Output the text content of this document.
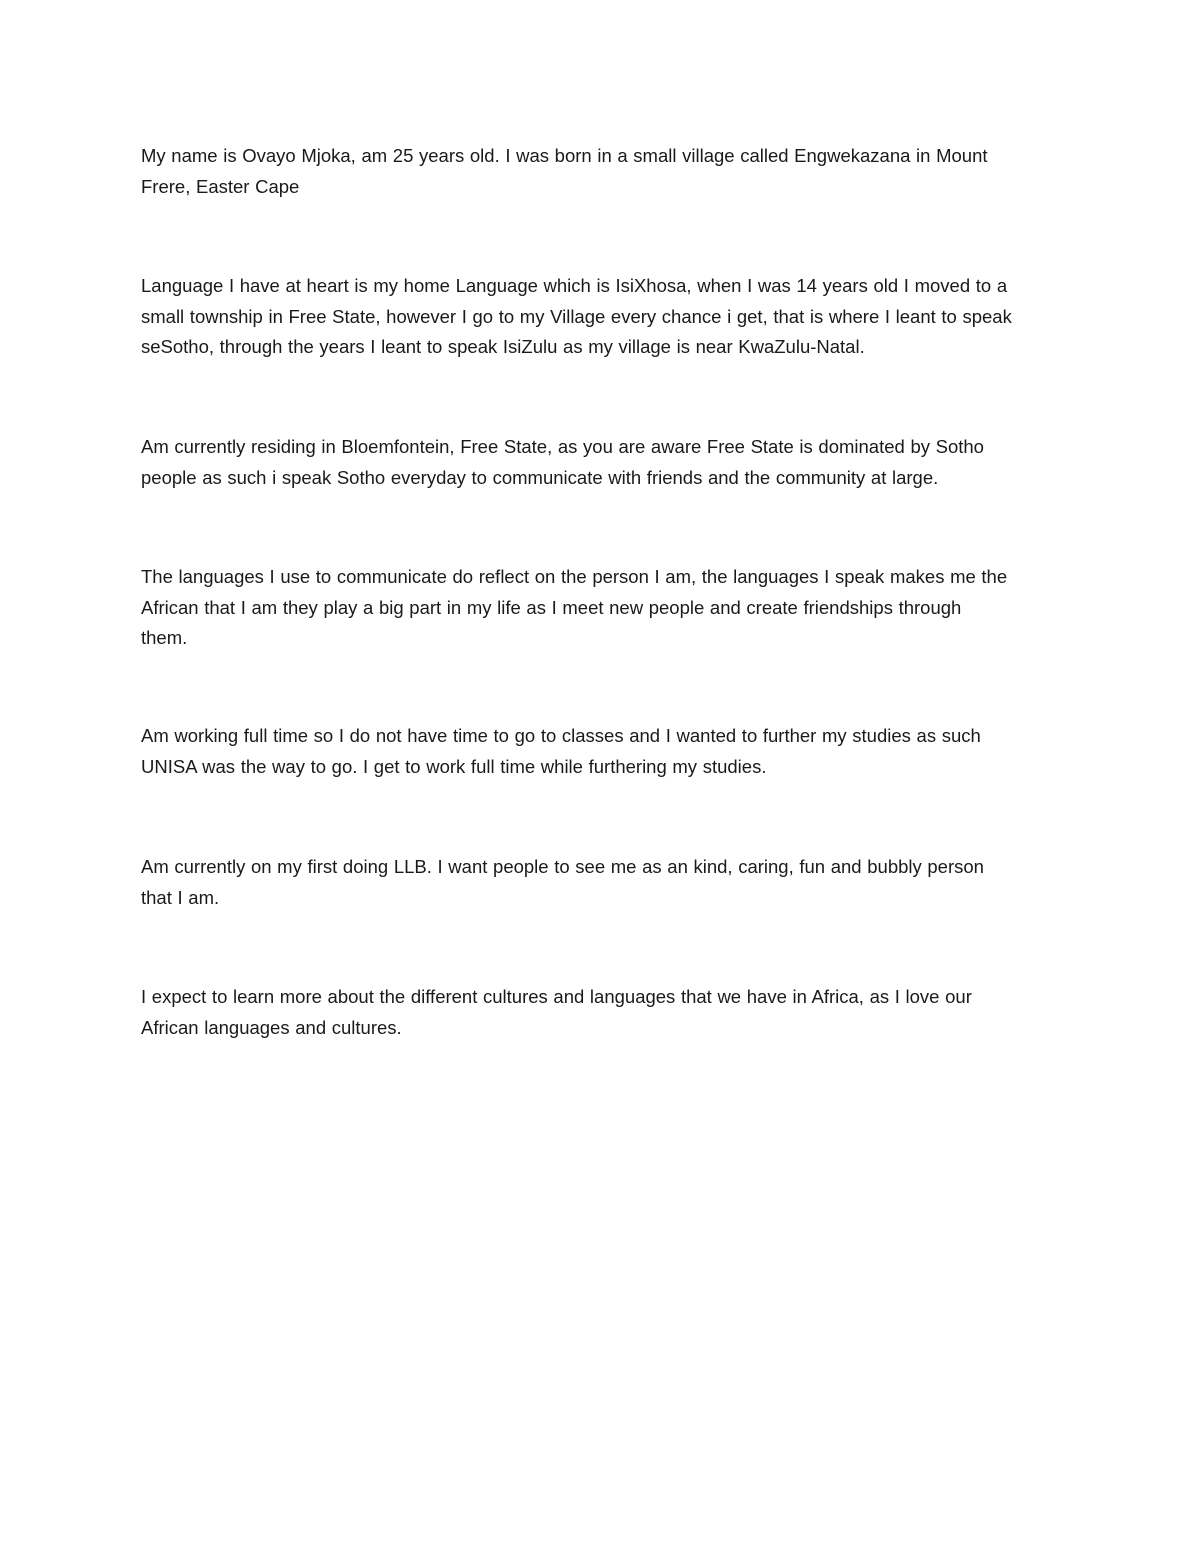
My name is Ovayo Mjoka, am 25 years old. I was born in a small village called Engwekazana in Mount
Frere, Easter Cape

Language I have at heart is my home Language which is IsiXhosa, when I was 14 years old I moved to a
small township in Free State, however I go to my Village every chance i get, that is where I leant to speak
seSotho, through the years I leant to speak IsiZulu as my village is near KwaZulu-Natal.

Am currently residing in Bloemfontein, Free State, as you are aware Free State is dominated by Sotho
people as such i speak Sotho everyday to communicate with friends and the community at large.

The languages I use to communicate do reflect on the person I am, the languages I speak makes me the
African that I am they play a big part in my life as I meet new people and create friendships through
them.

Am working full time so I do not have time to go to classes and I wanted to further my studies as such
UNISA was the way to go. I get to work full time while furthering my studies.

Am currently on my first doing LLB. I want people to see me as an kind, caring, fun and bubbly person
that I am.

I expect to learn more about the different cultures and languages that we have in Africa, as I love our
African languages and cultures.
